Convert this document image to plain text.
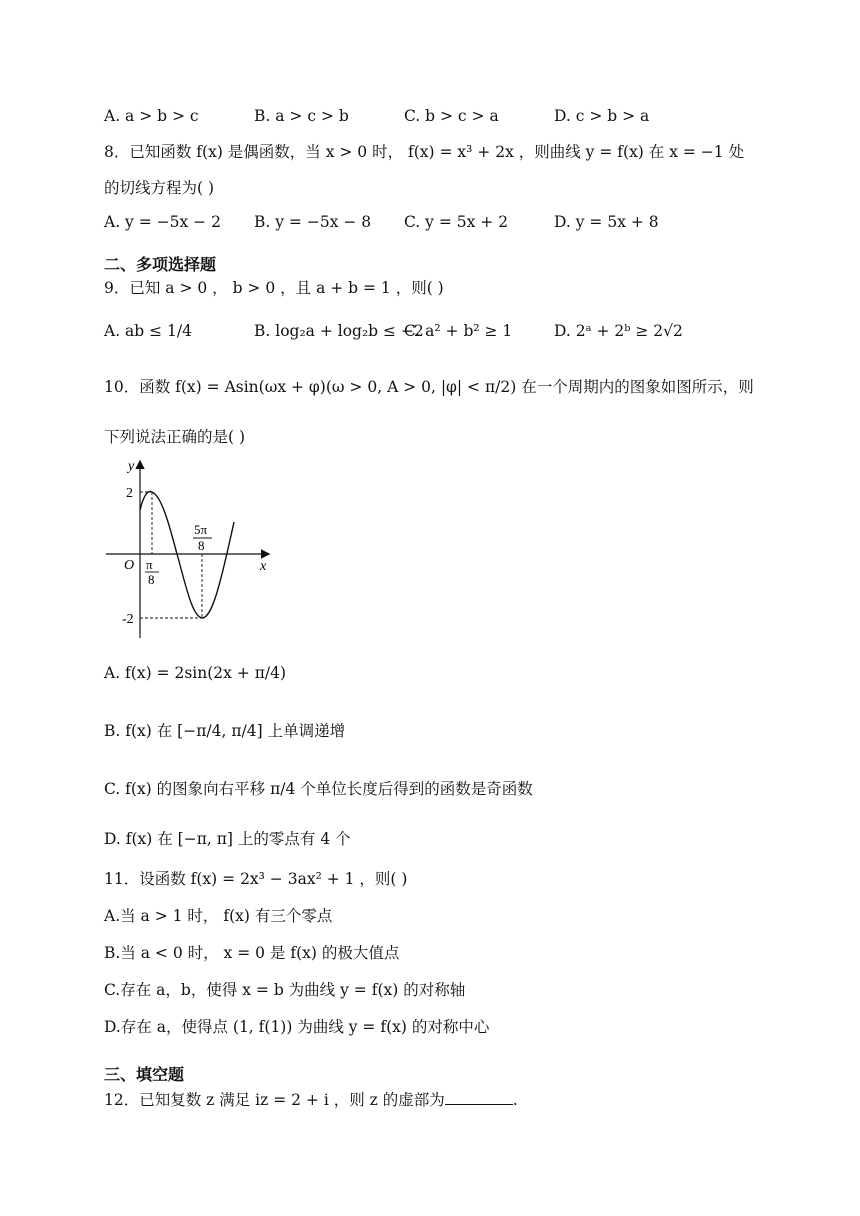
A. a > b > c	B. a > c > b	C. b > c > a	D. c > b > a
8．已知函数 f(x) 是偶函数，当 x > 0 时， f(x) = x³ + 2x ，则曲线 y = f(x) 在 x = −1 处
的切线方程为( )
A. y = −5x − 2 B. y = −5x − 8 C. y = 5x + 2	D. y = 5x + 8
二、多项选择题
9．已知 a > 0 ， b > 0 ，且 a + b = 1 ，则( )
A. ab ≤ 1/4	B. log₂a + log₂b ≤ −2
C. a² + b² ≥ 1	D. 2ᵃ + 2ᵇ ≥ 2√2
10．函数 f(x) = Asin(ωx + φ)(ω > 0, A > 0, |φ| < π/2) 在一个周期内的图象如图所示，则
下列说法正确的是( )
y
x
O
2
-2
π
8
5π
8
A. f(x) = 2sin(2x + π/4)
B. f(x) 在 [−π/4, π/4] 上单调递增
C. f(x) 的图象向右平移 π/4 个单位长度后得到的函数是奇函数
D. f(x) 在 [−π, π] 上的零点有 4 个
11．设函数 f(x) = 2x³ − 3ax² + 1 ，则( )
A.当 a > 1 时， f(x) 有三个零点
B.当 a < 0 时， x = 0 是 f(x) 的极大值点
C.存在 a，b，使得 x = b 为曲线 y = f(x) 的对称轴
D.存在 a，使得点 (1, f(1)) 为曲线 y = f(x) 的对称中心
三、填空题
12．已知复数 z 满足 iz = 2 + i ，则 z 的虚部为	.
